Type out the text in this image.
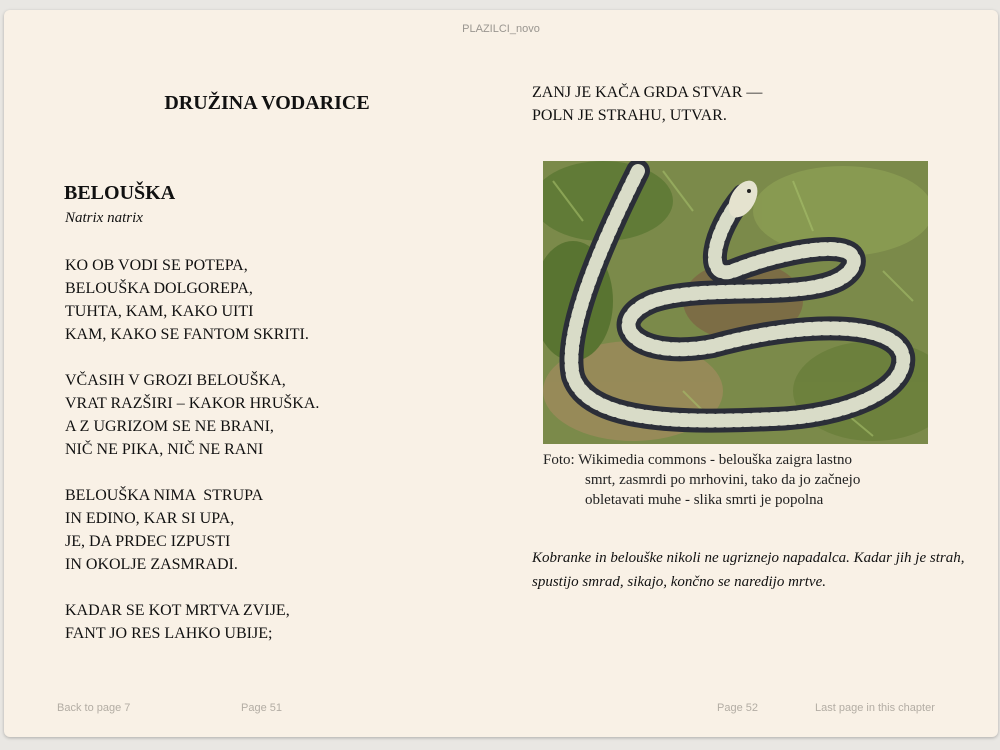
PLAZILCI_novo
DRUŽINA VODARICE
BELOUŠKA
Natrix natrix
KO OB VODI SE POTEPA,
BELOUŠKA DOLGOREPA,
TUHTA, KAM, KAKO UITI
KAM, KAKO SE FANTOM SKRITI.
VČASIH V GROZI BELOUŠKA,
VRAT RAZŠIRI – KAKOR HRUŠKA.
A Z UGRIZOM SE NE BRANI,
NIČ NE PIKA, NIČ NE RANI
BELOUŠKA NIMA  STRUPA
IN EDINO, KAR SI UPA,
JE, DA PRDEC IZPUSTI
IN OKOLJE ZASMRADI.
KADAR SE KOT MRTVA ZVIJE,
FANT JO RES LAHKO UBIJE;
Back to page 7	Page 51
ZANJ JE KAČA GRDA STVAR —
POLN JE STRAHU, UTVAR.
Foto: Wikimedia commons - belouška zaigra lastno
smrt, zasmrdi po mrhovini, tako da jo začnejo
obletavati muhe - slika smrti je popolna
Kobranke in belouške nikoli ne ugriznejo napadalca. Kadar jih je strah, spustijo smrad, sikajo, končno se naredijo mrtve.
Page 52	Last page in this chapter
